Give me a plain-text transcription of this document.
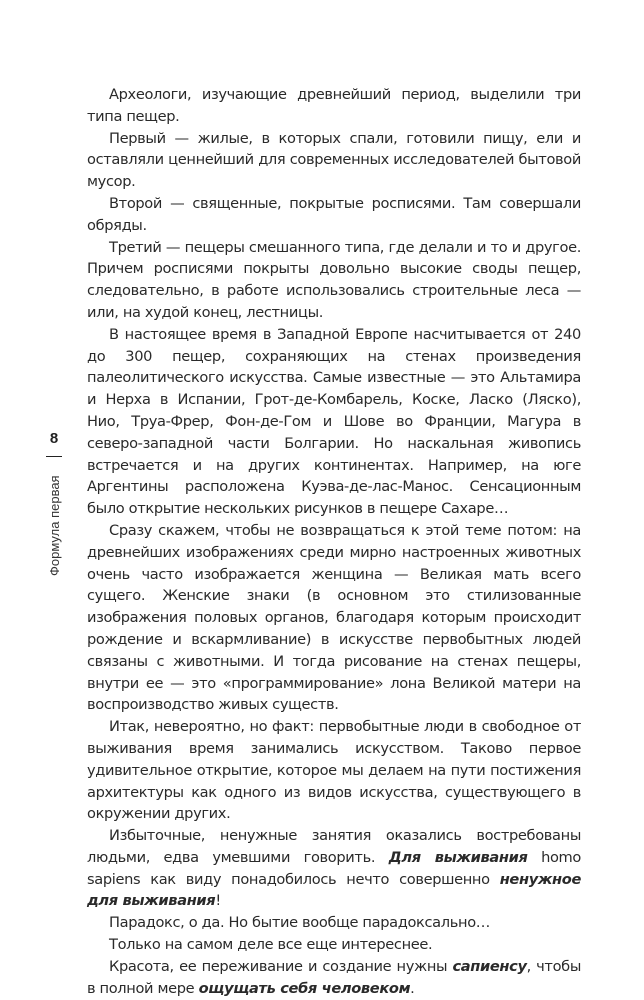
8
Формула первая

Археологи, изучающие древнейший период, выделили три типа пещер.

Первый — жилые, в которых спали, готовили пищу, ели и оставляли ценнейший для современных исследователей бытовой мусор.

Второй — священные, покрытые росписями. Там совершали обряды.

Третий — пещеры смешанного типа, где делали и то и другое. Причем росписями покрыты довольно высокие своды пещер, следовательно, в работе использовались строительные леса — или, на худой конец, лестницы.

В настоящее время в Западной Европе насчитывается от 240 до 300 пещер, сохраняющих на стенах произведения палеолитического искусства. Самые известные — это Альтамира и Нерха в Испании, Грот-де-Комбарель, Коске, Ласко (Ляско), Нио, Труа-Фрер, Фон-де-Гом и Шове во Франции, Магура в северо-западной части Болгарии. Но наскальная живопись встречается и на других континентах. Например, на юге Аргентины расположена Куэва-де-лас-Манос. Сенсационным было открытие нескольких рисунков в пещере Сахаре…

Сразу скажем, чтобы не возвращаться к этой теме потом: на древнейших изображениях среди мирно настроенных животных очень часто изображается женщина — Великая мать всего сущего. Женские знаки (в основном это стилизованные изображения половых органов, благодаря которым происходит рождение и вскармливание) в искусстве первобытных людей связаны с животными. И тогда рисование на стенах пещеры, внутри ее — это «программирование» лона Великой матери на воспроизводство живых существ.

Итак, невероятно, но факт: первобытные люди в свободное от выживания время занимались искусством. Таково первое удивительное открытие, которое мы делаем на пути постижения архитектуры как одного из видов искусства, существующего в окружении других.

Избыточные, ненужные занятия оказались востребованы людьми, едва умевшими говорить. Для выживания homo sapiens как виду понадобилось нечто совершенно ненужное для выживания!

Парадокс, о да. Но бытие вообще парадоксально…

Только на самом деле все еще интереснее.

Красота, ее переживание и создание нужны сапиенсу, чтобы в полной мере ощущать себя человеком.
